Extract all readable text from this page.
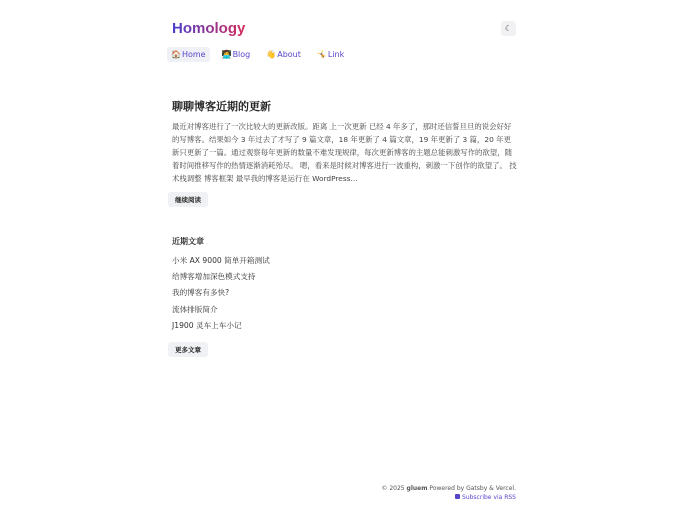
Homology	☾
🏠 Home 👩‍💻 Blog 👋 About 🤸 Link
聊聊博客近期的更新
最近对博客进行了一次比较大的更新改版。距离 上一次更新 已经 4 年多了，那时还信誓旦旦的说会好好的写博客。结果如今 3 年过去了才写了 9 篇文章，18 年更新了 4 篇文章，19 年更新了 3 篇，20 年更新只更新了一篇。通过观察每年更新的数量不难发现规律，每次更新博客的主题总能刺激写作的欲望，随着时间推移写作的热情逐渐消耗殆尽。 嗯，看来是时候对博客进行一波重构，刺激一下创作的欲望了。 技术栈调整 博客框架 最早我的博客是运行在 WordPress...
继续阅读
近期文章
小米 AX 9000 简单开箱测试
给博客增加深色模式支持
我的博客有多快?
流体排版简介
J1900 灵车上车小记
更多文章
© 2025 gluem Powered by Gatsby & Vercel.
Subscribe via RSS
